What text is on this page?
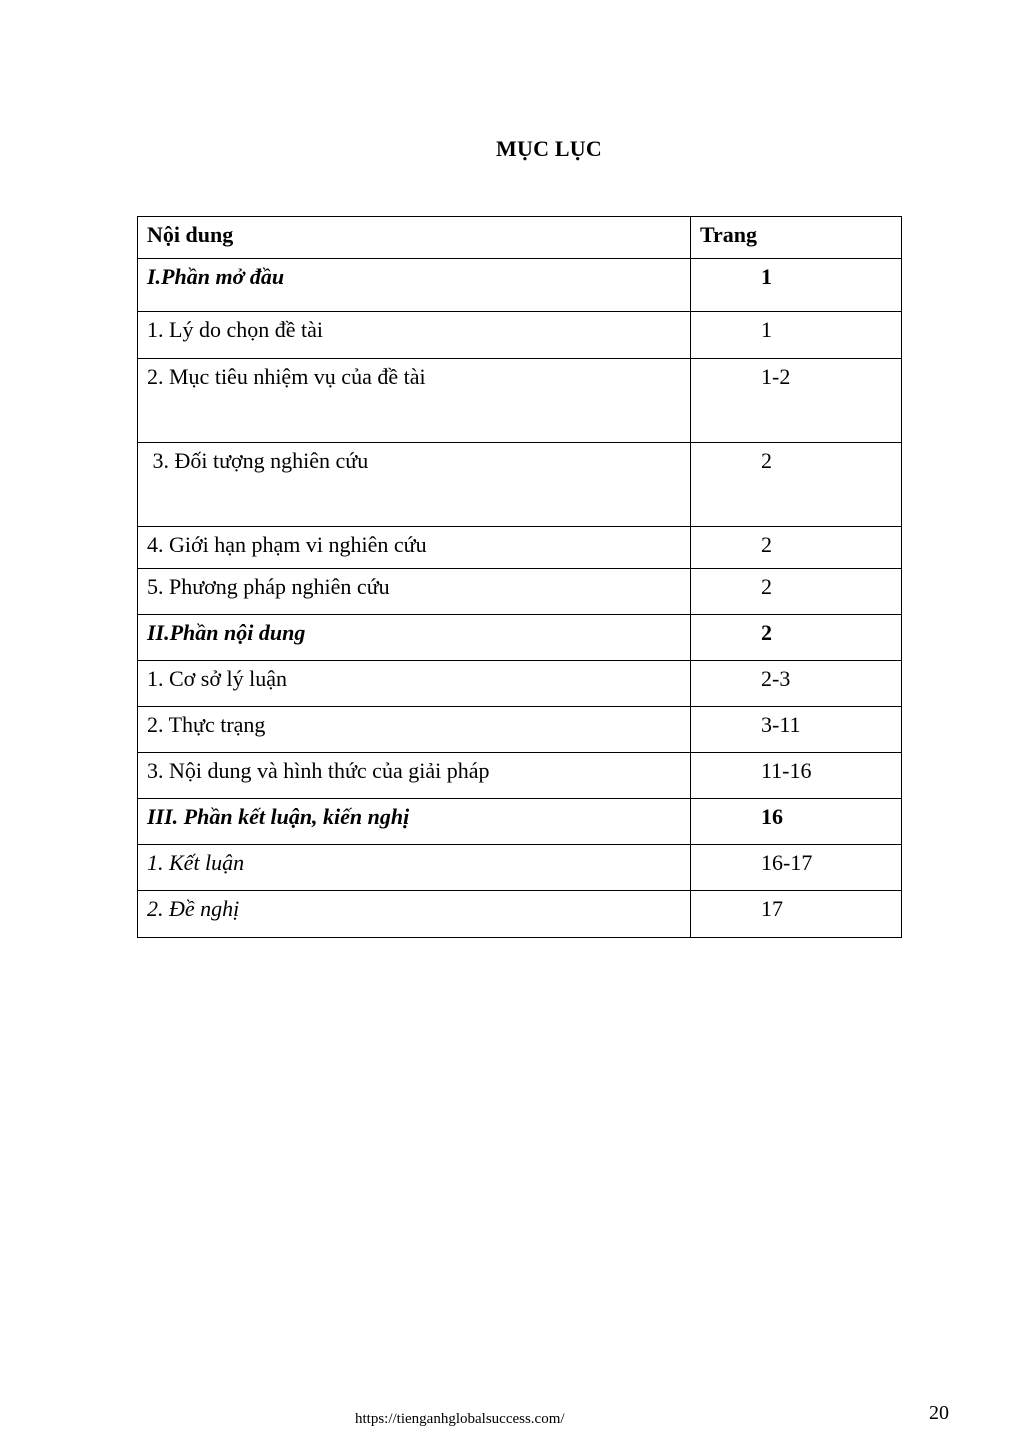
MỤC LỤC
Nội dung	Trang

I.Phần mở đầu	1

1. Lý do chọn đề tài	1

2. Mục tiêu nhiệm vụ của đề tài	1-2

3. Đối tượng nghiên cứu	2

4. Giới hạn phạm vi nghiên cứu	2

5. Phương pháp nghiên cứu	2

II.Phần nội dung	2

1. Cơ sở lý luận	2-3

2. Thực trạng	3-11

3. Nội dung và hình thức của giải pháp	11-16

III. Phần kết luận, kiến nghị	16

1. Kết luận	16-17

2. Đề nghị	17
https://tienganhglobalsuccess.com/	20
